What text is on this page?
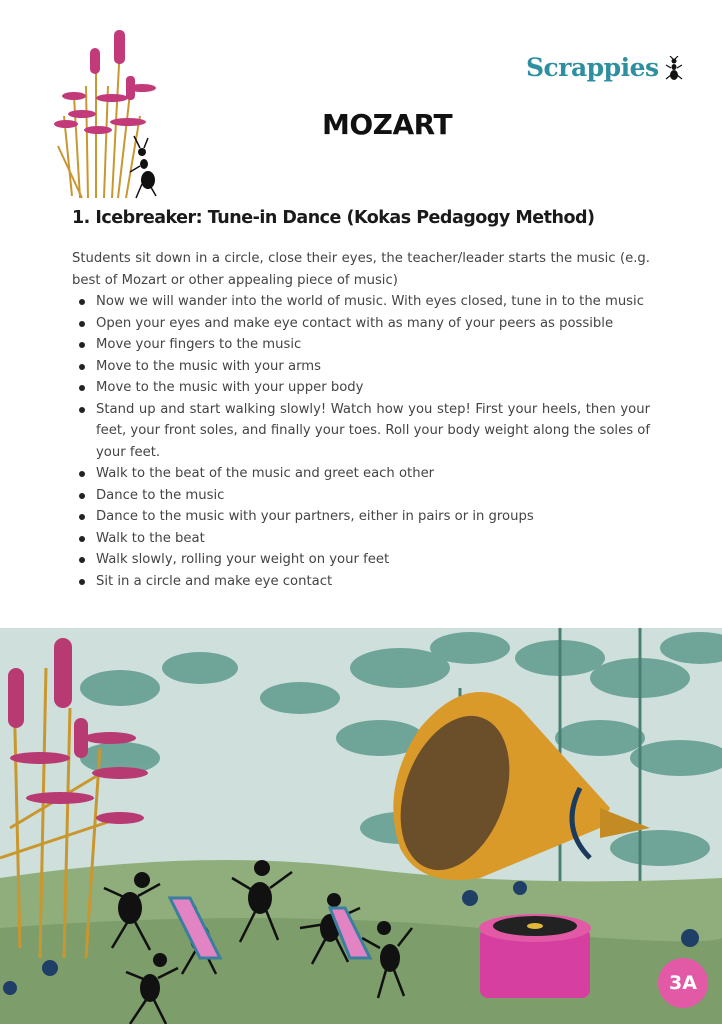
Scrappies
MOZART
1. Icebreaker: Tune-in Dance (Kokas Pedagogy Method)

Students sit down in a circle, close their eyes, the teacher/leader starts the music (e.g. best of Mozart or other appealing piece of music)

Now we will wander into the world of music. With eyes closed, tune in to the music
Open your eyes and make eye contact with as many of your peers as possible
Move your fingers to the music
Move to the music with your arms
Move to the music with your upper body
Stand up and start walking slowly! Watch how you step! First your heels, then your feet, your front soles, and finally your toes. Roll your body weight along the soles of your feet.
Walk to the beat of the music and greet each other
Dance to the music
Dance to the music with your partners, either in pairs or in groups
Walk to the beat
Walk slowly, rolling your weight on your feet
Sit in a circle and make eye contact
3A
